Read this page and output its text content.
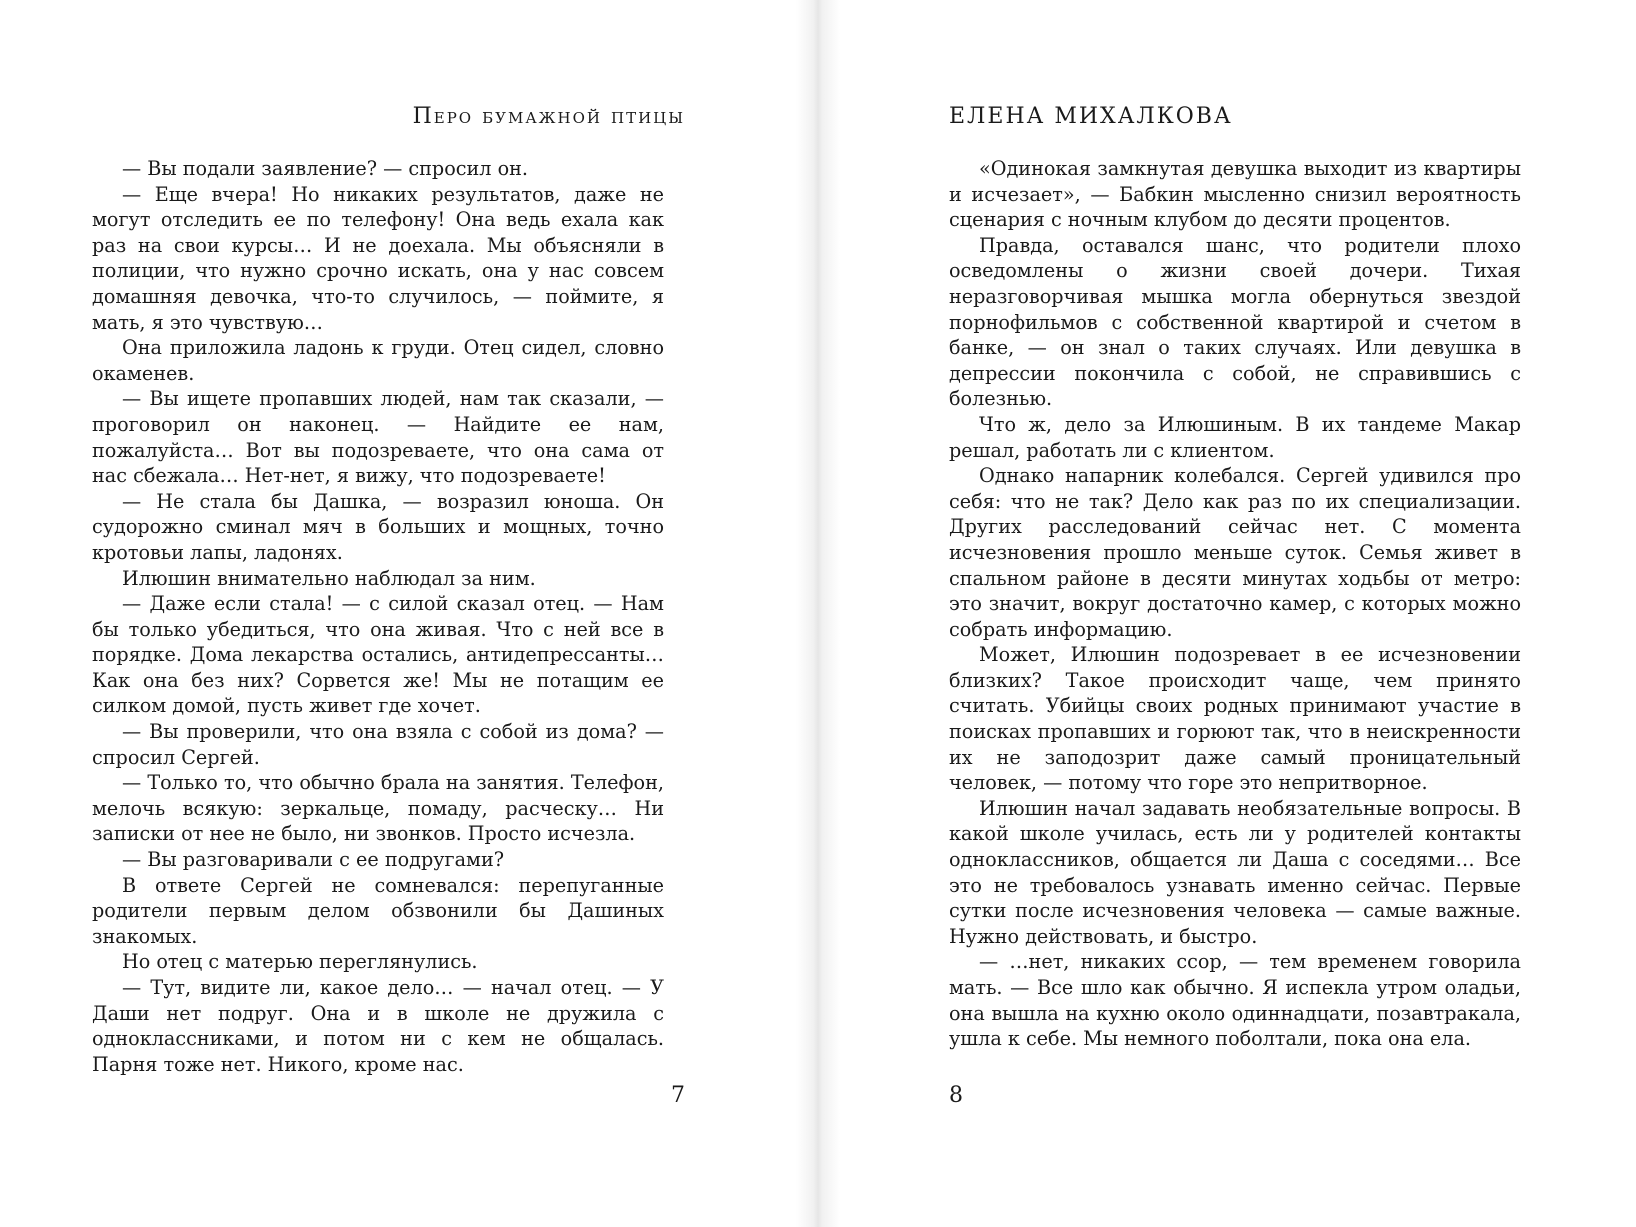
Перо бумажной птицы

— Вы подали заявление? — спросил он.

— Еще вчера! Но никаких результатов, даже не могут отследить ее по телефону! Она ведь ехала как раз на свои курсы… И не доехала. Мы объясняли в полиции, что нужно срочно искать, она у нас совсем домашняя девочка, что-то случилось, — поймите, я мать, я это чувствую…

Она приложила ладонь к груди. Отец сидел, словно окаменев.

— Вы ищете пропавших людей, нам так сказали, — проговорил он наконец. — Найдите ее нам, пожалуйста… Вот вы подозреваете, что она сама от нас сбежала… Нет-нет, я вижу, что подозреваете!

— Не стала бы Дашка, — возразил юноша. Он судорожно сминал мяч в больших и мощных, точно кротовьи лапы, ладонях.

Илюшин внимательно наблюдал за ним.

— Даже если стала! — с силой сказал отец. — Нам бы только убедиться, что она живая. Что с ней все в порядке. Дома лекарства остались, антидепрессанты… Как она без них? Сорвется же! Мы не потащим ее силком домой, пусть живет где хочет.

— Вы проверили, что она взяла с собой из дома? — спросил Сергей.

— Только то, что обычно брала на занятия. Телефон, мелочь всякую: зеркальце, помаду, расческу… Ни записки от нее не было, ни звонков. Просто исчезла.

— Вы разговаривали с ее подругами?

В ответе Сергей не сомневался: перепуганные родители первым делом обзвонили бы Дашиных знакомых.

Но отец с матерью переглянулись.

— Тут, видите ли, какое дело… — начал отец. — У Даши нет подруг. Она и в школе не дружила с одноклассниками, и потом ни с кем не общалась. Парня тоже нет. Никого, кроме нас.

7
ЕЛЕНА МИХАЛКОВА

«Одинокая замкнутая девушка выходит из квартиры и исчезает», — Бабкин мысленно снизил вероятность сценария с ночным клубом до десяти процентов.

Правда, оставался шанс, что родители плохо осведомлены о жизни своей дочери. Тихая неразговорчивая мышка могла обернуться звездой порнофильмов с собственной квартирой и счетом в банке, — он знал о таких случаях. Или девушка в депрессии покончила с собой, не справившись с болезнью.

Что ж, дело за Илюшиным. В их тандеме Макар решал, работать ли с клиентом.

Однако напарник колебался. Сергей удивился про себя: что не так? Дело как раз по их специализации. Других расследований сейчас нет. С момента исчезновения прошло меньше суток. Семья живет в спальном районе в десяти минутах ходьбы от метро: это значит, вокруг достаточно камер, с которых можно собрать информацию.

Может, Илюшин подозревает в ее исчезновении близких? Такое происходит чаще, чем принято считать. Убийцы своих родных принимают участие в поисках пропавших и горюют так, что в неискренности их не заподозрит даже самый проницательный человек, — потому что горе это непритворное.

Илюшин начал задавать необязательные вопросы. В какой школе училась, есть ли у родителей контакты одноклассников, общается ли Даша с соседями… Все это не требовалось узнавать именно сейчас. Первые сутки после исчезновения человека — самые важные. Нужно действовать, и быстро.

— …нет, никаких ссор, — тем временем говорила мать. — Все шло как обычно. Я испекла утром оладьи, она вышла на кухню около одиннадцати, позавтракала, ушла к себе. Мы немного поболтали, пока она ела.

8
